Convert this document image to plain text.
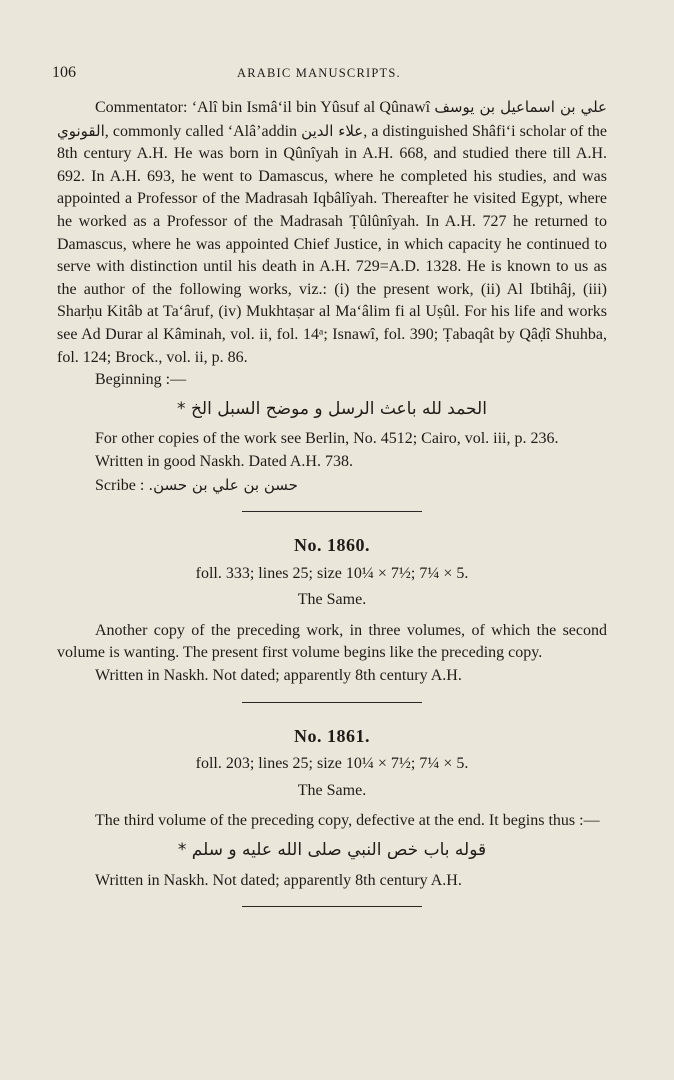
106	ARABIC MANUSCRIPTS.

Commentator: ‘Alî bin Ismâ‘il bin Yûsuf al Qûnawî علي بن اسماعيل بن يوسف القونوي, commonly called ‘Alâ’addin علاء الدين, a distinguished Shâfi‘i scholar of the 8th century A.H. He was born in Qûnîyah in A.H. 668, and studied there till A.H. 692. In A.H. 693, he went to Damascus, where he completed his studies, and was appointed a Professor of the Madrasah Iqbâlîyah. Thereafter he visited Egypt, where he worked as a Professor of the Madrasah Ṭûlûnîyah. In A.H. 727 he returned to Damascus, where he was appointed Chief Justice, in which capacity he continued to serve with distinction until his death in A.H. 729=A.D. 1328. He is known to us as the author of the following works, viz.: (i) the present work, (ii) Al Ibtihâj, (iii) Sharḥu Kitâb at Ta‘âruf, (iv) Mukhtaṣar al Ma‘âlim fi al Uṣûl. For his life and works see Ad Durar al Kâminah, vol. ii, fol. 14ᵃ; Isnawî, fol. 390; Ṭabaqât by Qâḍî Shuhba, fol. 124; Brock., vol. ii, p. 86.

Beginning :—

الحمد لله باعث الرسل و موضح السبل الخ *

For other copies of the work see Berlin, No. 4512; Cairo, vol. iii, p. 236.

Written in good Naskh. Dated A.H. 738.

Scribe : حسن بن علي بن حسن.

No. 1860.
foll. 333; lines 25; size 10¼ × 7½; 7¼ × 5.
The Same.

Another copy of the preceding work, in three volumes, of which the second volume is wanting. The present first volume begins like the preceding copy.

Written in Naskh. Not dated; apparently 8th century A.H.

No. 1861.
foll. 203; lines 25; size 10¼ × 7½; 7¼ × 5.
The Same.

The third volume of the preceding copy, defective at the end. It begins thus :—

قوله باب خص النبي صلى الله عليه و سلم *

Written in Naskh. Not dated; apparently 8th century A.H.
